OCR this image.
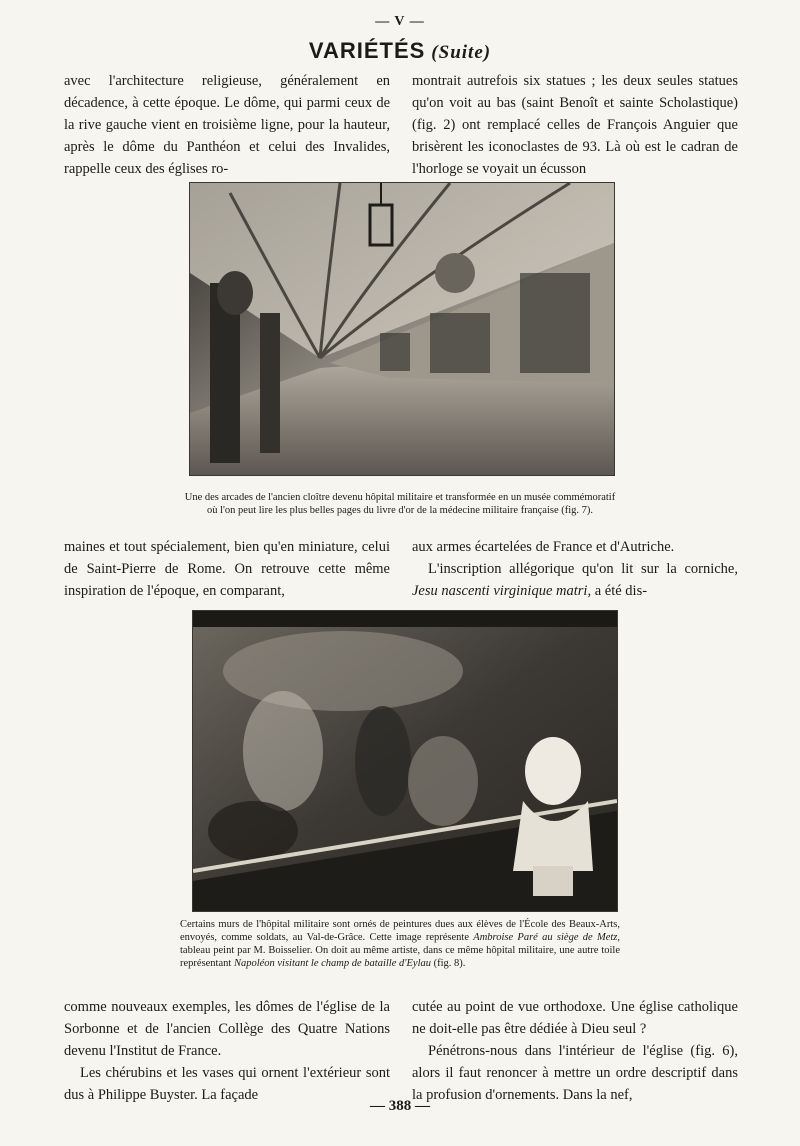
— V —
VARIÉTÉS (Suite)

avec l'architecture religieuse, généralement en décadence, à cette époque. Le dôme, qui parmi ceux de la rive gauche vient en troisième ligne, pour la hauteur, après le dôme du Panthéon et celui des Invalides, rappelle ceux des églises ro-

montrait autrefois six statues ; les deux seules statues qu'on voit au bas (saint Benoît et sainte Scholastique) (fig. 2) ont remplacé celles de François Anguier que brisèrent les iconoclastes de 93. Là où est le cadran de l'horloge se voyait un écusson

Une des arcades de l'ancien cloître devenu hôpital militaire et transformée en un musée commémoratif où l'on peut lire les plus belles pages du livre d'or de la médecine militaire française (fig. 7).

maines et tout spécialement, bien qu'en miniature, celui de Saint-Pierre de Rome. On retrouve cette même inspiration de l'époque, en comparant,

aux armes écartelées de France et d'Autriche.

L'inscription allégorique qu'on lit sur la corniche, Jesu nascenti virginique matri, a été dis-

Certains murs de l'hôpital militaire sont ornés de peintures dues aux élèves de l'École des Beaux-Arts, envoyés, comme soldats, au Val-de-Grâce. Cette image représente Ambroise Paré au siège de Metz, tableau peint par M. Boisselier. On doit au même artiste, dans ce même hôpital militaire, une autre toile représentant Napoléon visitant le champ de bataille d'Eylau (fig. 8).

comme nouveaux exemples, les dômes de l'église de la Sorbonne et de l'ancien Collège des Quatre Nations devenu l'Institut de France.

Les chérubins et les vases qui ornent l'extérieur sont dus à Philippe Buyster. La façade

cutée au point de vue orthodoxe. Une église catholique ne doit-elle pas être dédiée à Dieu seul ?

Pénétrons-nous dans l'intérieur de l'église (fig. 6), alors il faut renoncer à mettre un ordre descriptif dans la profusion d'ornements. Dans la nef,

— 388 —
